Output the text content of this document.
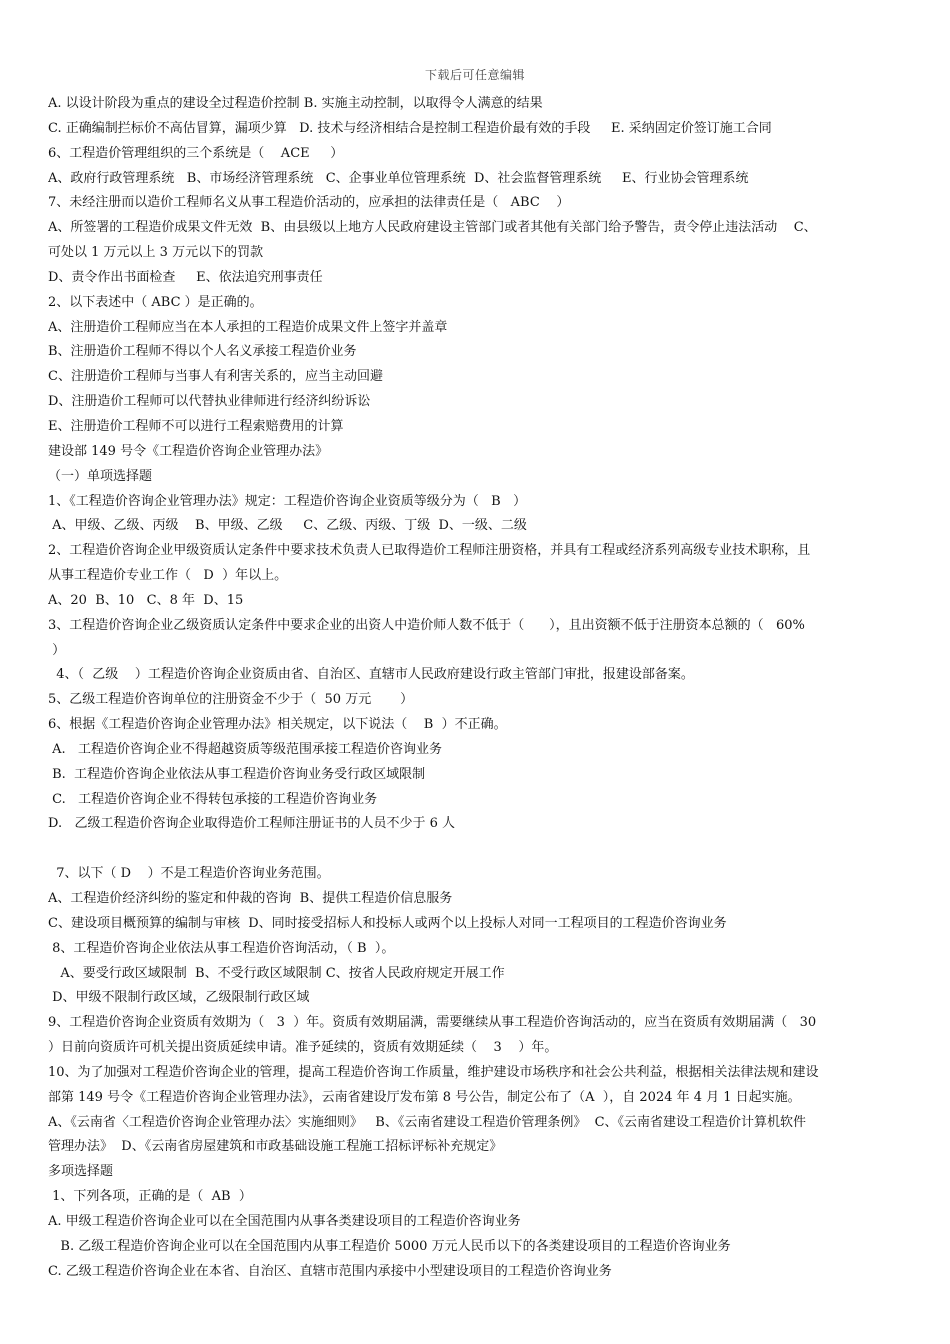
下载后可任意编辑
A. 以设计阶段为重点的建设全过程造价控制 B. 实施主动控制，以取得令人满意的结果
C. 正确编制拦标价不高估冒算，漏项少算   D. 技术与经济相结合是控制工程造价最有效的手段     E. 采纳固定价签订施工合同
6、工程造价管理组织的三个系统是（    ACE     ）
A、政府行政管理系统   B、市场经济管理系统   C、企事业单位管理系统  D、社会监督管理系统     E、行业协会管理系统
7、未经注册而以造价工程师名义从事工程造价活动的，应承担的法律责任是（   ABC    ）
A、所签署的工程造价成果文件无效  B、由县级以上地方人民政府建设主管部门或者其他有关部门给予警告，责令停止违法活动    C、
可处以 1 万元以上 3 万元以下的罚款
D、责令作出书面检查     E、依法追究刑事责任
2、以下表述中（ ABC ）是正确的。
A、注册造价工程师应当在本人承担的工程造价成果文件上签字并盖章
B、注册造价工程师不得以个人名义承接工程造价业务
C、注册造价工程师与当事人有利害关系的，应当主动回避
D、注册造价工程师可以代替执业律师进行经济纠纷诉讼
E、注册造价工程师不可以进行工程索赔费用的计算
建设部 149 号令《工程造价咨询企业管理办法》
（一）单项选择题
1、《工程造价咨询企业管理办法》规定：工程造价咨询企业资质等级分为（   B   ）
A、甲级、乙级、丙级    B、甲级、乙级     C、乙级、丙级、丁级  D、一级、二级
2、工程造价咨询企业甲级资质认定条件中要求技术负责人已取得造价工程师注册资格，并具有工程或经济系列高级专业技术职称，且
从事工程造价专业工作（   D  ）年以上。
A、20  B、10   C、8 年  D、15
3、工程造价咨询企业乙级资质认定条件中要求企业的出资人中造价师人数不低于（      ），且出资额不低于注册资本总额的（   60%
）
4、（  乙级    ）工程造价咨询企业资质由省、自治区、直辖市人民政府建设行政主管部门审批，报建设部备案。
5、乙级工程造价咨询单位的注册资金不少于（  50 万元       ）
6、根据《工程造价咨询企业管理办法》相关规定，以下说法（    B  ）不正确。
A.   工程造价咨询企业不得超越资质等级范围承接工程造价咨询业务
B.  工程造价咨询企业依法从事工程造价咨询业务受行政区域限制
C.   工程造价咨询企业不得转包承接的工程造价咨询业务
D.   乙级工程造价咨询企业取得造价工程师注册证书的人员不少于 6 人
7、以下（ D    ）不是工程造价咨询业务范围。
A、工程造价经济纠纷的鉴定和仲裁的咨询  B、提供工程造价信息服务
C、建设项目概预算的编制与审核  D、同时接受招标人和投标人或两个以上投标人对同一工程项目的工程造价咨询业务
8、工程造价咨询企业依法从事工程造价咨询活动，（ B  ）。
A、要受行政区域限制  B、不受行政区域限制 C、按省人民政府规定开展工作
D、甲级不限制行政区域，乙级限制行政区域
9、工程造价咨询企业资质有效期为（   3  ）年。资质有效期届满，需要继续从事工程造价咨询活动的，应当在资质有效期届满（   30
）日前向资质许可机关提出资质延续申请。准予延续的，资质有效期延续（    3    ）年。
10、为了加强对工程造价咨询企业的管理，提高工程造价咨询工作质量，维护建设市场秩序和社会公共利益，根据相关法律法规和建设
部第 149 号令《工程造价咨询企业管理办法》，云南省建设厅发布第 8 号公告，制定公布了（A  ），自 2024 年 4 月 1 日起实施。
A、《云南省〈工程造价咨询企业管理办法〉实施细则》   B、《云南省建设工程造价管理条例》  C、《云南省建设工程造价计算机软件
管理办法》  D、《云南省房屋建筑和市政基础设施工程施工招标评标补充规定》
多项选择题
1、下列各项，正确的是（  AB  ）
A. 甲级工程造价咨询企业可以在全国范围内从事各类建设项目的工程造价咨询业务
B. 乙级工程造价咨询企业可以在全国范围内从事工程造价 5000 万元人民币以下的各类建设项目的工程造价咨询业务
C. 乙级工程造价咨询企业在本省、自治区、直辖市范围内承接中小型建设项目的工程造价咨询业务
